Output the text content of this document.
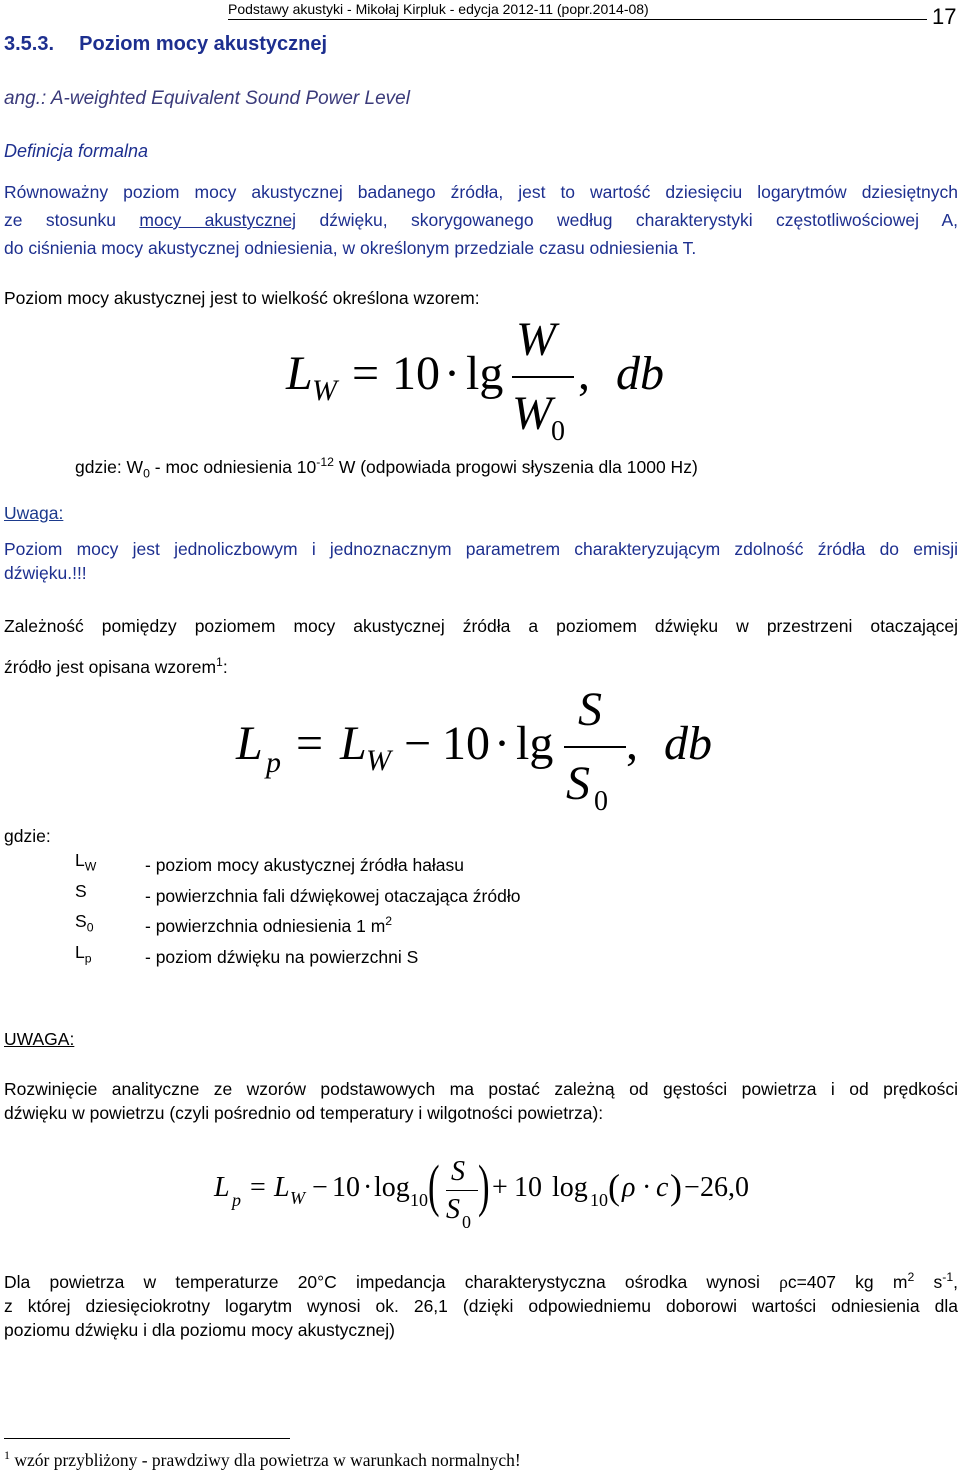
Podstawy akustyki - Mikołaj Kirpluk - edycja 2012-11 (popr.2014-08)	17
3.5.3. Poziom mocy akustycznej
ang.: A-weighted Equivalent Sound Power Level
Definicja formalna
Równoważny poziom mocy akustycznej badanego źródła, jest to wartość dziesięciu logarytmów dziesiętnych
ze stosunku mocy akustycznej dźwięku, skorygowanego według charakterystyki częstotliwościowej A,
do ciśnienia mocy akustycznej odniesienia, w określonym przedziale czasu odniesienia T.
Poziom mocy akustycznej jest to wielkość określona wzorem:
L W = 10 · lg
W
W 0
, db
gdzie: $W_0$ - moc odniesienia $10^{-12}$ W (odpowiada progowi słyszenia dla 1000 Hz)
Uwaga:
Poziom mocy jest jednoliczbowym i jednoznacznym parametrem charakteryzującym zdolność źródła do emisji
dźwięku.!!!
Zależność pomiędzy poziomem mocy akustycznej źródła a poziomem dźwięku w przestrzeni otaczającej
źródło jest opisana wzorem$^1$:
L p = L W − 10 · lg
S
S 0
, db
gdzie:
$L_W$	- poziom mocy akustycznej źródła hałasu
S	- powierzchnia fali dźwiękowej otaczająca źródło
$S_0$	- powierzchnia odniesienia 1 $m^2$
$L_p$	- poziom dźwięku na powierzchni S
UWAGA:
Rozwinięcie analityczne ze wzorów podstawowych ma postać zależną od gęstości powietrza i od prędkości
dźwięku w powietrzu (czyli pośrednio od temperatury i wilgotności powietrza):
L p = L W − 10 · log 10 ( S
S 0
) + 10 log 10 ( ρ · c ) − 26,0
Dla powietrza w temperaturze 20°C impedancja charakterystyczna ośrodka wynosi ρc=407 kg $m^2$ $s^{-1}$,
z której dziesięciokrotny logarytm wynosi ok. 26,1 (dzięki odpowiedniemu doborowi wartości odniesienia dla
poziomu dźwięku i dla poziomu mocy akustycznej)
$^1$ wzór przybliżony - prawdziwy dla powietrza w warunkach normalnych!
